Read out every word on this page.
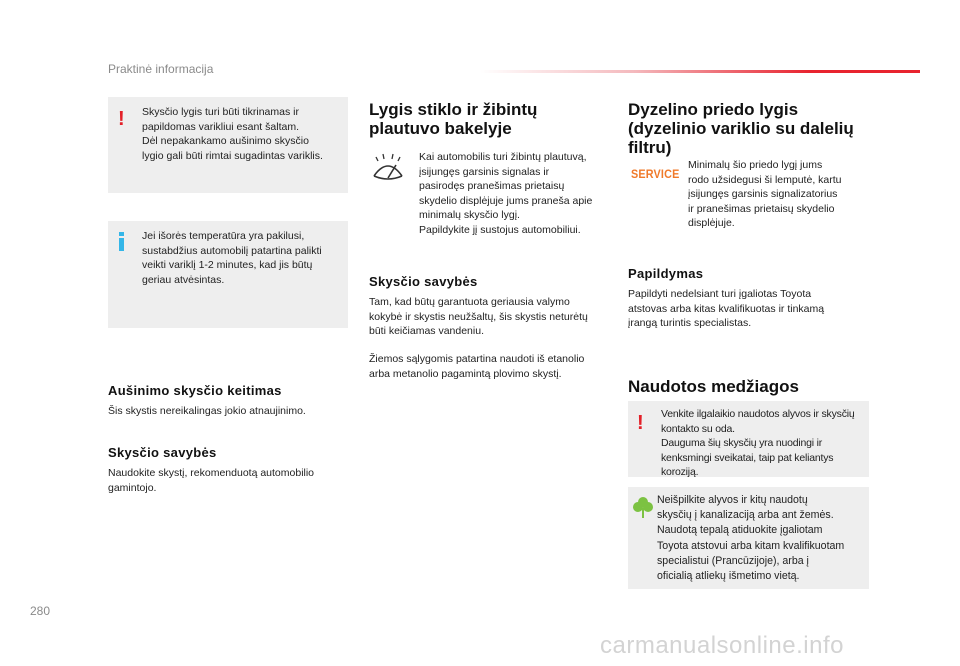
Praktinė informacija
! Skysčio lygis turi būti tikrinamas ir
papildomas varikliui esant šaltam.
Dėl nepakankamo aušinimo skysčio
lygio gali būti rimtai sugadintas variklis.
Jei išorės temperatūra yra pakilusi,
sustabdžius automobilį patartina palikti
veikti variklį 1-2 minutes, kad jis būtų
geriau atvėsintas.
Aušinimo skysčio keitimas
Šis skystis nereikalingas jokio atnaujinimo.
Skysčio savybės
Naudokite skystį, rekomenduotą automobilio
gamintojo.
Lygis stiklo ir žibintų
plautuvo bakelyje
Kai automobilis turi žibintų plautuvą,
įsijungęs garsinis signalas ir
pasirodęs pranešimas prietaisų
skydelio displėjuje jums praneša apie
minimalų skysčio lygį.
Papildykite jį sustojus automobiliui.
Skysčio savybės
Tam, kad būtų garantuota geriausia valymo
kokybė ir skystis neužšaltų, šis skystis neturėtų
būti keičiamas vandeniu.
Žiemos sąlygomis patartina naudoti iš etanolio
arba metanolio pagamintą plovimo skystį.
Dyzelino priedo lygis
(dyzelinio variklio su dalelių
filtru)
SERVICE
Minimalų šio priedo lygį jums
rodo užsidegusi ši lemputė, kartu
įsijungęs garsinis signalizatorius
ir pranešimas prietaisų skydelio
displėjuje.
Papildymas
Papildyti nedelsiant turi įgaliotas Toyota
atstovas arba kitas kvalifikuotas ir tinkamą
įrangą turintis specialistas.
Naudotos medžiagos
! Venkite ilgalaikio naudotos alyvos ir skysčių
kontakto su oda.
Dauguma šių skysčių yra nuodingi ir
kenksmingi sveikatai, taip pat keliantys koroziją.
Neišpilkite alyvos ir kitų naudotų
skysčių į kanalizaciją arba ant žemės.
Naudotą tepalą atiduokite įgaliotam
Toyota atstovui arba kitam kvalifikuotam
specialistui (Prancūzijoje), arba į
oficialią atliekų išmetimo vietą.
280
carmanualsonline.info
